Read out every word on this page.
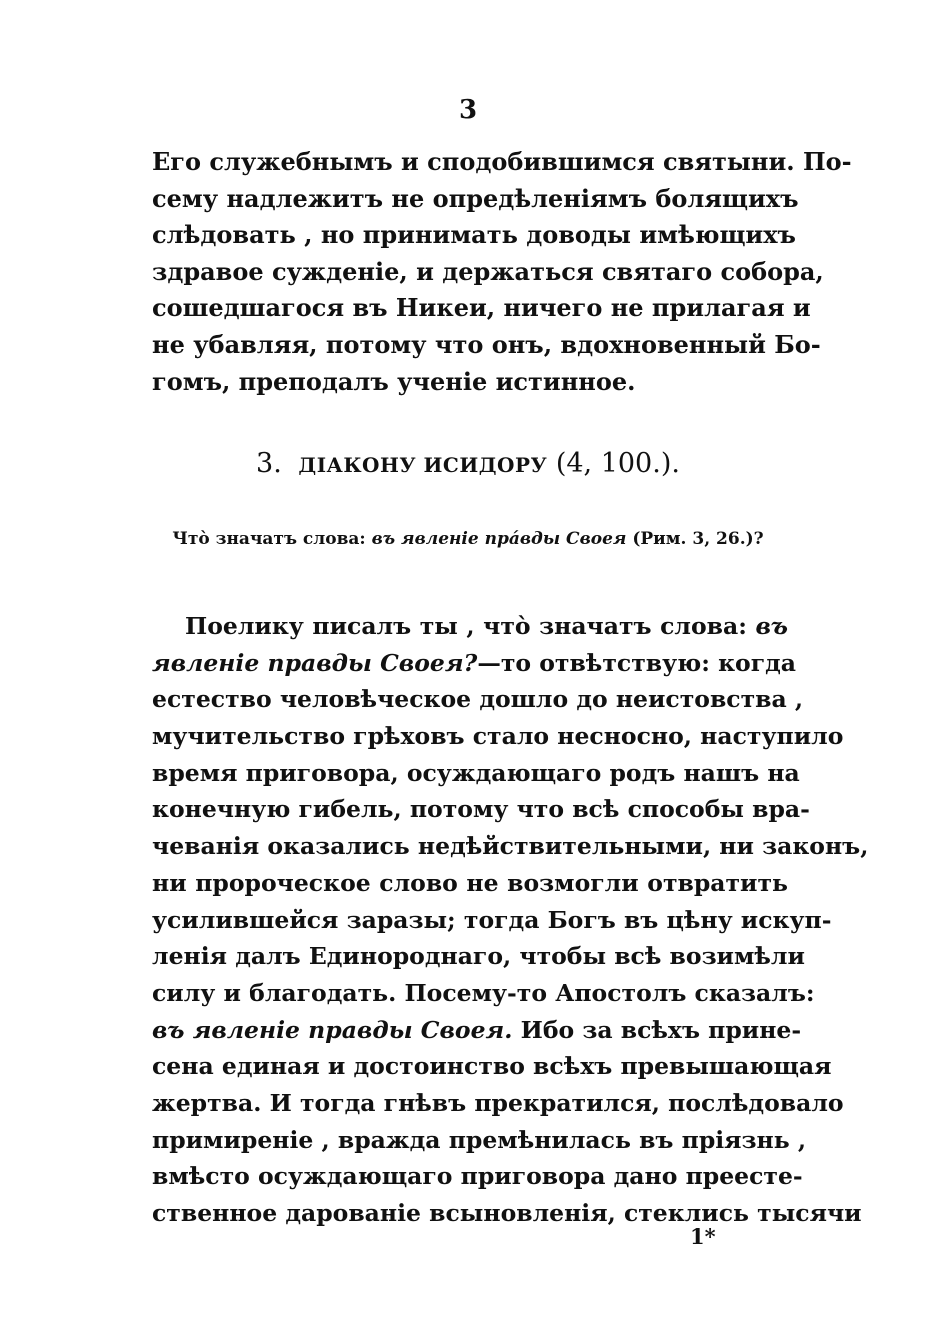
3
Его служебнымъ и сподобившимся святыни. По-
сему надлежитъ не опредѣленіямъ болящихъ
слѣдовать , но принимать доводы имѣющихъ
здравое сужденіе, и держаться святаго собора,
сошедшагося въ Никеи, ничего не прилагая и
не убавляя, потому что онъ, вдохновенный Бо-
гомъ, преподалъ ученіе истинное.
3. ДІАКОНУ ИСИДОРУ (4, 100.).
Чтò значатъ слова: въ явленіе прáвды Своея (Рим. 3, 26.)?
Поелику писалъ ты , чтò значатъ слова: въ
явленіе правды Своея?—то отвѣтствую: когда
естество человѣческое дошло до неистовства ,
мучительство грѣховъ стало несносно, наступило
время приговора, осуждающаго родъ нашъ на
конечную гибель, потому что всѣ способы вра-
чеванія оказались недѣйствительными, ни законъ,
ни пророческое слово не возмогли отвратить
усилившейся заразы; тогда Богъ въ цѣну искуп-
ленія далъ Единороднаго, чтобы всѣ возимѣли
силу и благодать. Посему-то Апостолъ сказалъ:
въ явленіе правды Своея. Ибо за всѣхъ прине-
сена единая и достоинство всѣхъ превышающая
жертва. И тогда гнѣвъ прекратился, послѣдовало
примиреніе , вражда премѣнилась въ пріязнь ,
вмѣсто осуждающаго приговора дано преесте-
ственное дарованіе всыновленія, стеклись тысячи
1*
